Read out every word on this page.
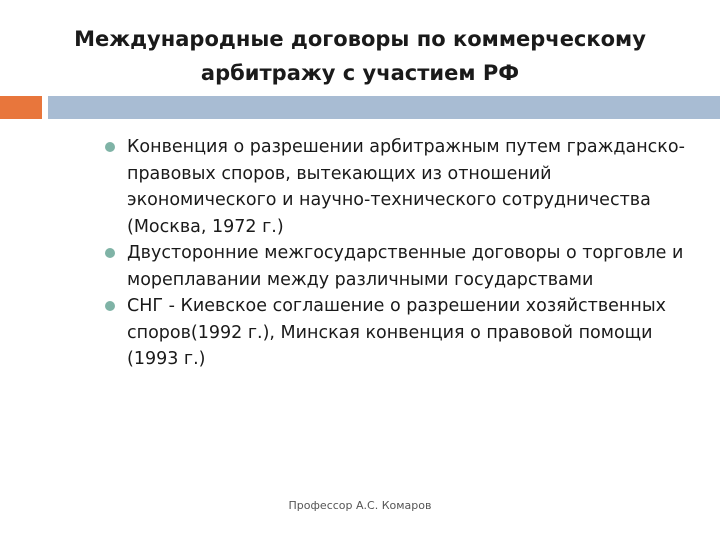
Международные договоры по коммерческому
арбитражу с участием РФ
Конвенция о разрешении арбитражным путем гражданско-правовых споров, вытекающих из отношений экономического и научно-технического сотрудничества (Москва, 1972 г.)
Двусторонние межгосударственные договоры о торговле и мореплавании между различными государствами
СНГ - Киевское соглашение о разрешении хозяйственных споров(1992 г.), Минская конвенция о правовой помощи (1993 г.)
Профессор А.С. Комаров
